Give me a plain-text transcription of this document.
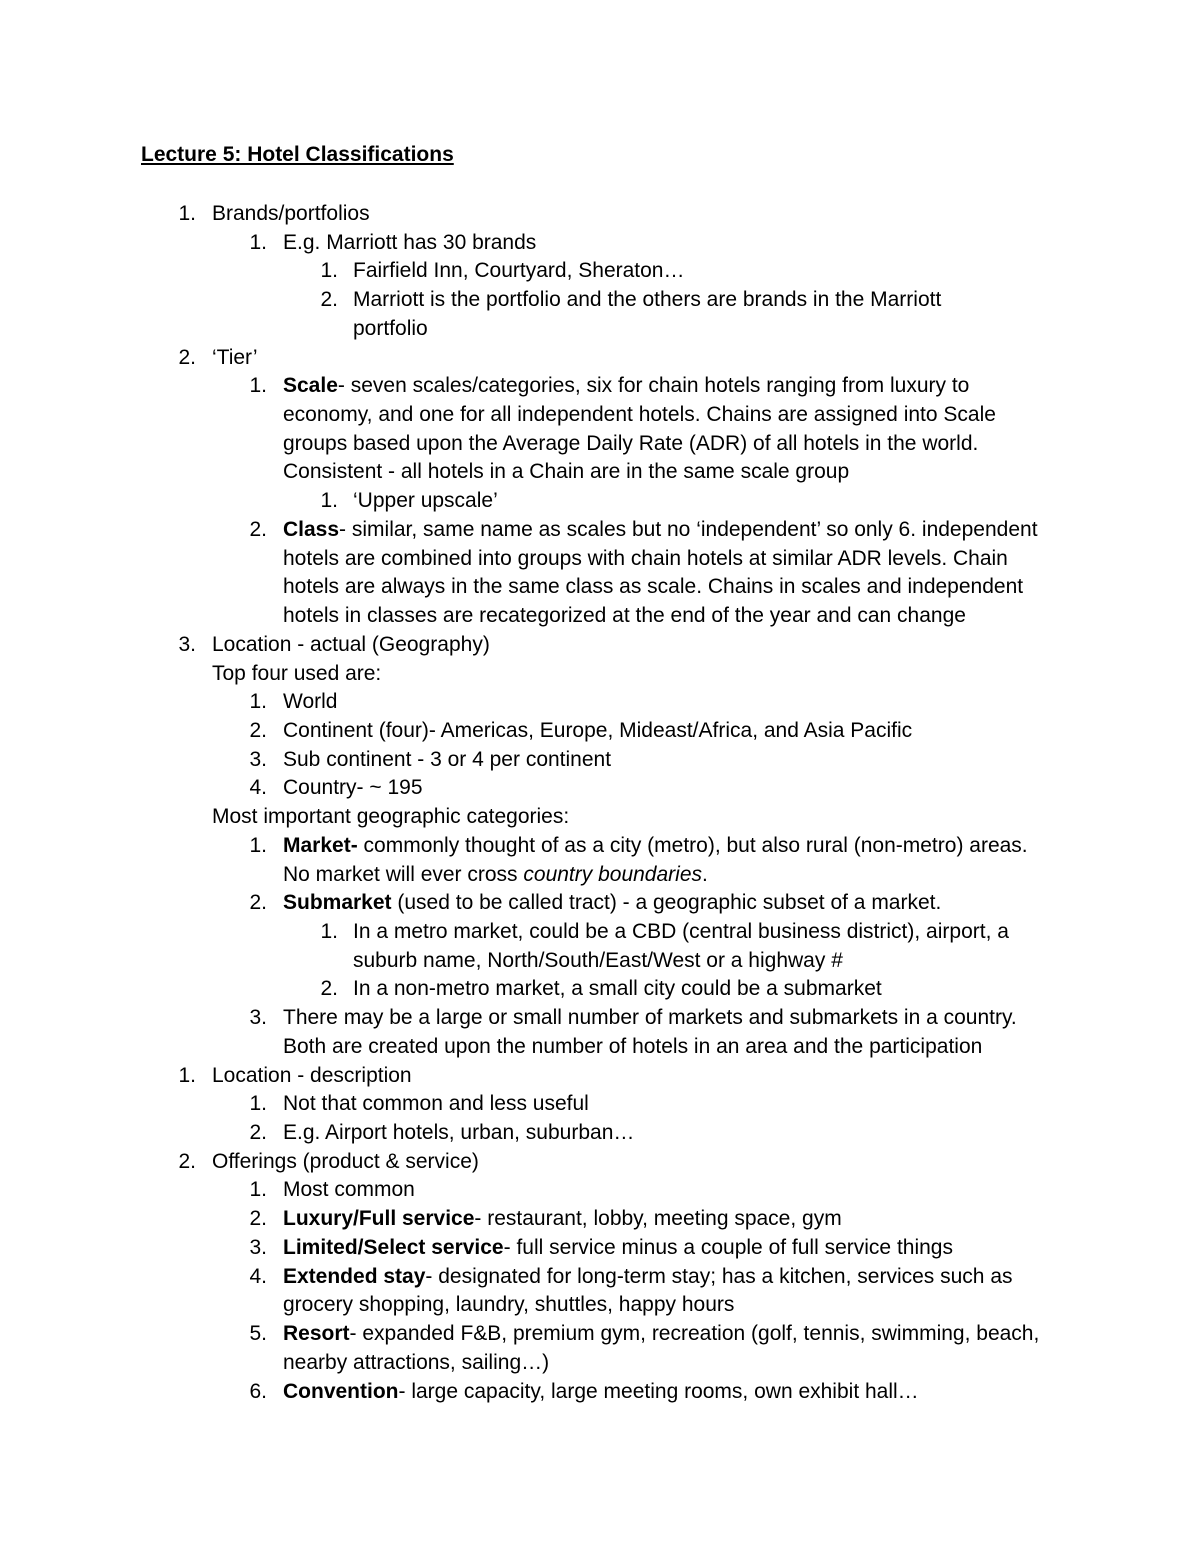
Lecture 5: Hotel Classifications
1. Brands/portfolios
1. E.g. Marriott has 30 brands
1. Fairfield Inn, Courtyard, Sheraton…
2. Marriott is the portfolio and the others are brands in the Marriott
portfolio
2. ‘Tier’
1. Scale- seven scales/categories, six for chain hotels ranging from luxury to
economy, and one for all independent hotels. Chains are assigned into Scale
groups based upon the Average Daily Rate (ADR) of all hotels in the world.
Consistent - all hotels in a Chain are in the same scale group
1. ‘Upper upscale’
2. Class- similar, same name as scales but no ‘independent’ so only 6. independent
hotels are combined into groups with chain hotels at similar ADR levels. Chain
hotels are always in the same class as scale. Chains in scales and independent
hotels in classes are recategorized at the end of the year and can change
3. Location - actual (Geography)
Top four used are:
1. World
2. Continent (four)- Americas, Europe, Mideast/Africa, and Asia Pacific
3. Sub continent - 3 or 4 per continent
4. Country- ~ 195
Most important geographic categories:
1. Market- commonly thought of as a city (metro), but also rural (non-metro) areas.
No market will ever cross country boundaries.
2. Submarket (used to be called tract) - a geographic subset of a market.
1. In a metro market, could be a CBD (central business district), airport, a
suburb name, North/South/East/West or a highway #
2. In a non-metro market, a small city could be a submarket
3. There may be a large or small number of markets and submarkets in a country.
Both are created upon the number of hotels in an area and the participation
1. Location - description
1. Not that common and less useful
2. E.g. Airport hotels, urban, suburban…
2. Offerings (product & service)
1. Most common
2. Luxury/Full service- restaurant, lobby, meeting space, gym
3. Limited/Select service- full service minus a couple of full service things
4. Extended stay- designated for long-term stay; has a kitchen, services such as
grocery shopping, laundry, shuttles, happy hours
5. Resort- expanded F&B, premium gym, recreation (golf, tennis, swimming, beach,
nearby attractions, sailing…)
6. Convention- large capacity, large meeting rooms, own exhibit hall…
